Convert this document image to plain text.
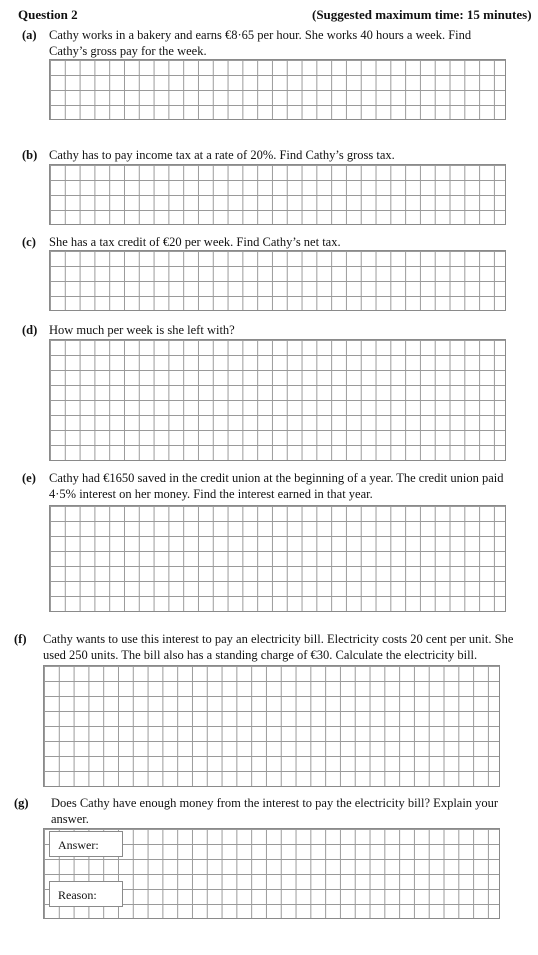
Question 2	(Suggested maximum time: 15 minutes)
(a) Cathy works in a bakery and earns €8·65 per hour. She works 40 hours a week. Find Cathy’s gross pay for the week.
(b) Cathy has to pay income tax at a rate of 20%. Find Cathy’s gross tax.
(c) She has a tax credit of €20 per week. Find Cathy’s net tax.
(d) How much per week is she left with?
(e) Cathy had €1650 saved in the credit union at the beginning of a year. The credit union paid 4·5% interest on her money. Find the interest earned in that year.
(f) Cathy wants to use this interest to pay an electricity bill. Electricity costs 20 cent per unit. She used 250 units. The bill also has a standing charge of €30. Calculate the electricity bill.
(g) Does Cathy have enough money from the interest to pay the electricity bill? Explain your answer.
Answer:
Reason:
